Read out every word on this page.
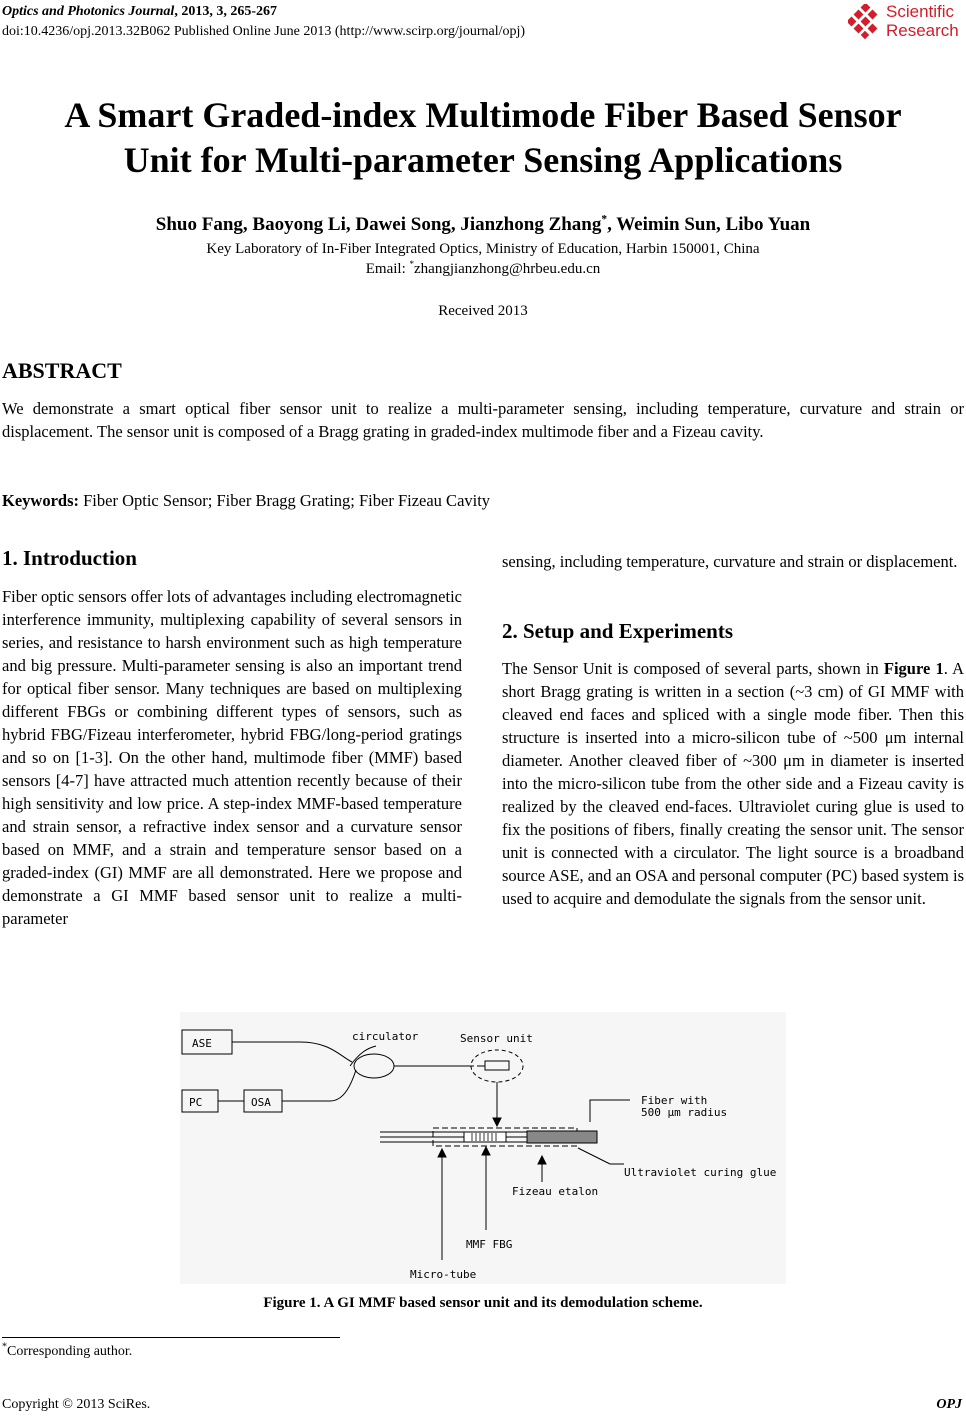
Optics and Photonics Journal, 2013, 3, 265-267
doi:10.4236/opj.2013.32B062 Published Online June 2013 (http://www.scirp.org/journal/opj)
Scientific
Research
A Smart Graded-index Multimode Fiber Based Sensor
Unit for Multi-parameter Sensing Applications
Shuo Fang, Baoyong Li, Dawei Song, Jianzhong Zhang*, Weimin Sun, Libo Yuan
Key Laboratory of In-Fiber Integrated Optics, Ministry of Education, Harbin 150001, China
Email: *zhangjianzhong@hrbeu.edu.cn
Received 2013
ABSTRACT
We demonstrate a smart optical fiber sensor unit to realize a multi-parameter sensing, including temperature, curvature and strain or displacement. The sensor unit is composed of a Bragg grating in graded-index multimode fiber and a Fizeau cavity.
Keywords: Fiber Optic Sensor; Fiber Bragg Grating; Fiber Fizeau Cavity
1. Introduction
Fiber optic sensors offer lots of advantages including electromagnetic interference immunity, multiplexing capability of several sensors in series, and resistance to harsh environment such as high temperature and big pressure. Multi-parameter sensing is also an important trend for optical fiber sensor. Many techniques are based on multiplexing different FBGs or combining different types of sensors, such as hybrid FBG/Fizeau interferometer, hybrid FBG/long-period gratings and so on [1-3]. On the other hand, multimode fiber (MMF) based sensors [4-7] have attracted much attention recently because of their high sensitivity and low price. A step-index MMF-based temperature and strain sensor, a refractive index sensor and a curvature sensor based on MMF, and a strain and temperature sensor based on a graded-index (GI) MMF are all demonstrated. Here we propose and demonstrate a GI MMF based sensor unit to realize a multi-parameter
sensing, including temperature, curvature and strain or displacement.
2. Setup and Experiments
The Sensor Unit is composed of several parts, shown in Figure 1. A short Bragg grating is written in a section (~3 cm) of GI MMF with cleaved end faces and spliced with a single mode fiber. Then this structure is inserted into a micro-silicon tube of ~500 μm internal diameter. Another cleaved fiber of ~300 μm in diameter is inserted into the micro-silicon tube from the other side and a Fizeau cavity is realized by the cleaved end-faces. Ultraviolet curing glue is used to fix the positions of fibers, finally creating the sensor unit. The sensor unit is connected with a circulator. The light source is a broadband source ASE, and an OSA and personal computer (PC) based system is used to acquire and demodulate the signals from the sensor unit.
ASE
PC	OSA
circulator	Sensor unit
Fiber with
500 μm radius
Ultraviolet curing glue
Fizeau etalon
MMF FBG
Micro-tube
Figure 1. A GI MMF based sensor unit and its demodulation scheme.
*Corresponding author.
Copyright © 2013 SciRes.	OPJ
